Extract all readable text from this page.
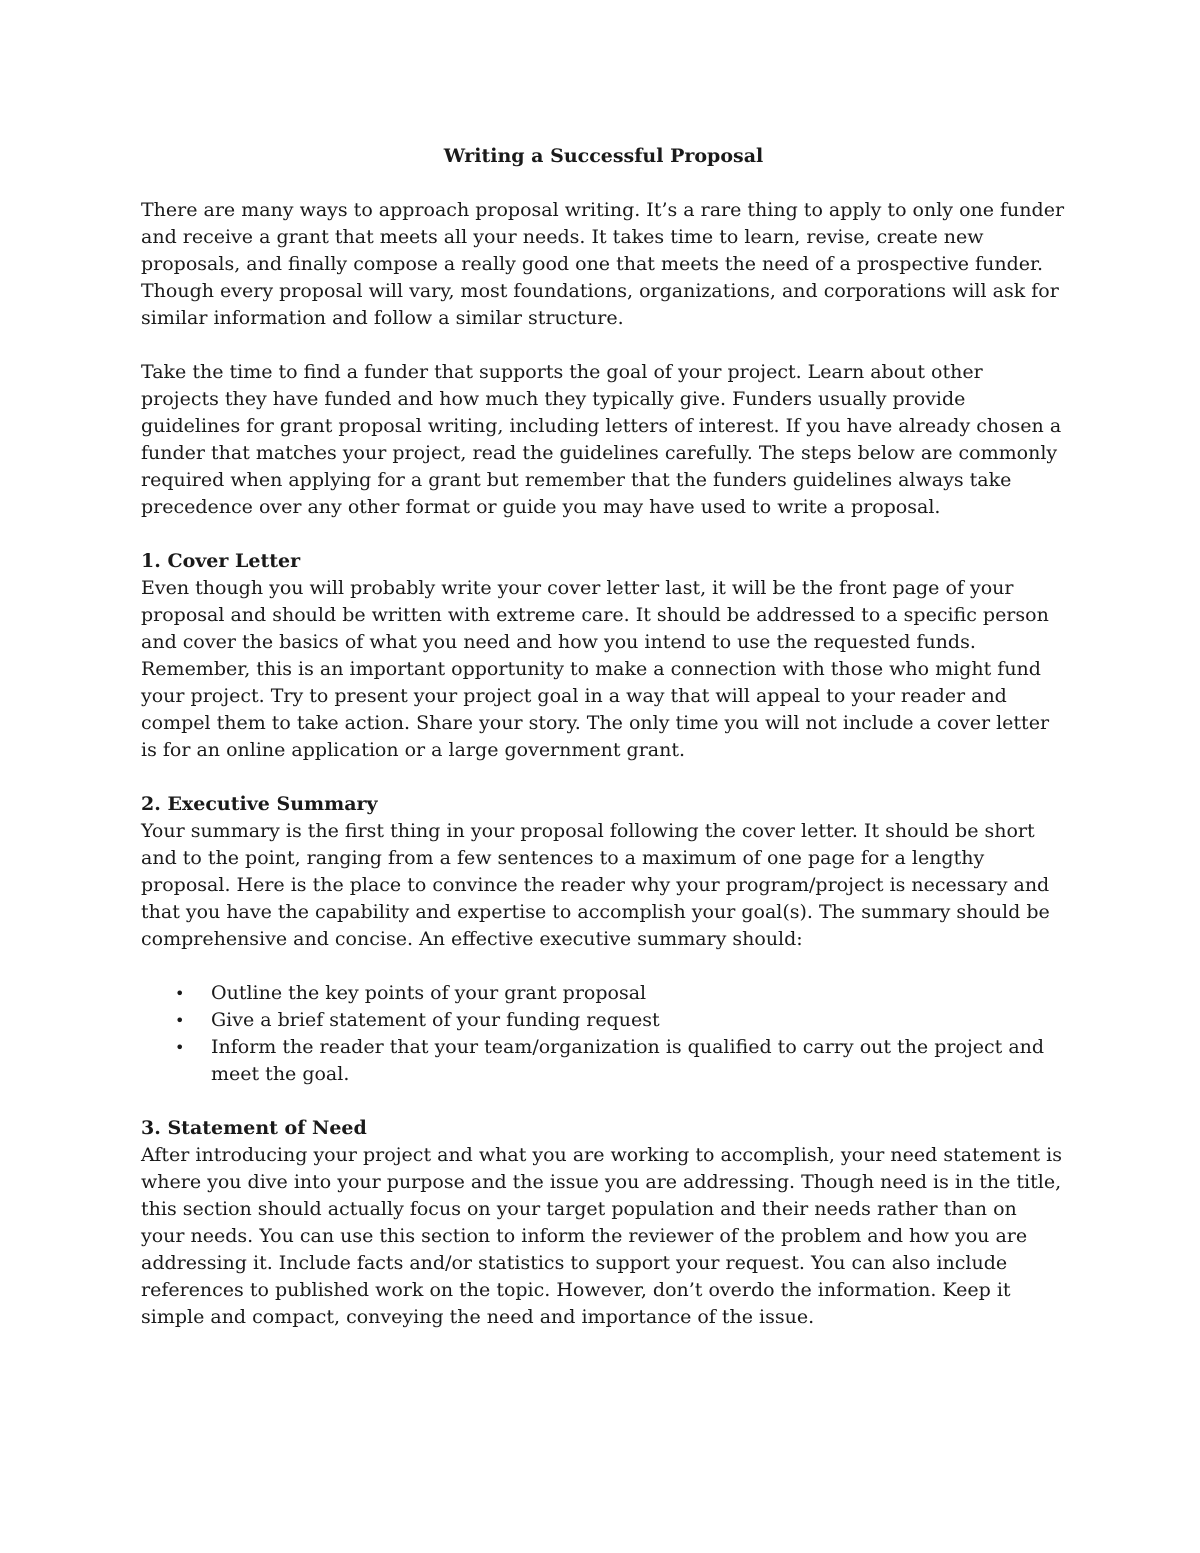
Writing a Successful Proposal

There are many ways to approach proposal writing. It’s a rare thing to apply to only one funder and receive a grant that meets all your needs. It takes time to learn, revise, create new proposals, and finally compose a really good one that meets the need of a prospective funder. Though every proposal will vary, most foundations, organizations, and corporations will ask for similar information and follow a similar structure.

Take the time to find a funder that supports the goal of your project. Learn about other projects they have funded and how much they typically give. Funders usually provide guidelines for grant proposal writing, including letters of interest. If you have already chosen a funder that matches your project, read the guidelines carefully. The steps below are commonly required when applying for a grant but remember that the funders guidelines always take precedence over any other format or guide you may have used to write a proposal.

1. Cover Letter

Even though you will probably write your cover letter last, it will be the front page of your proposal and should be written with extreme care. It should be addressed to a specific person and cover the basics of what you need and how you intend to use the requested funds. Remember, this is an important opportunity to make a connection with those who might fund your project. Try to present your project goal in a way that will appeal to your reader and compel them to take action. Share your story. The only time you will not include a cover letter is for an online application or a large government grant.

2. Executive Summary

Your summary is the first thing in your proposal following the cover letter. It should be short and to the point, ranging from a few sentences to a maximum of one page for a lengthy proposal. Here is the place to convince the reader why your program/project is necessary and that you have the capability and expertise to accomplish your goal(s). The summary should be comprehensive and concise. An effective executive summary should:

• Outline the key points of your grant proposal
• Give a brief statement of your funding request
• Inform the reader that your team/organization is qualified to carry out the project and meet the goal.
3. Statement of Need

After introducing your project and what you are working to accomplish, your need statement is where you dive into your purpose and the issue you are addressing. Though need is in the title, this section should actually focus on your target population and their needs rather than on your needs. You can use this section to inform the reviewer of the problem and how you are addressing it. Include facts and/or statistics to support your request. You can also include references to published work on the topic. However, don’t overdo the information. Keep it simple and compact, conveying the need and importance of the issue.
